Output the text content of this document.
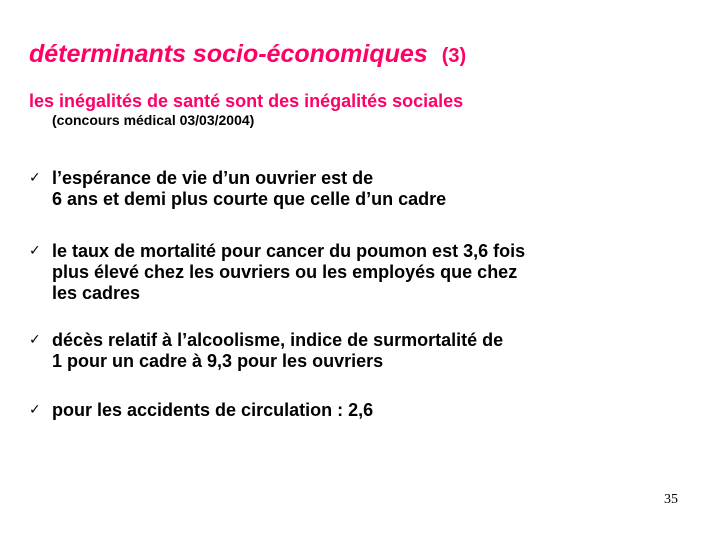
déterminants socio-économiques (3)
les inégalités de santé sont des inégalités sociales
(concours médical 03/03/2004)
✓ l’espérance de vie d’un ouvrier est de
6 ans et demi plus courte que celle d’un cadre
✓ le taux de mortalité pour cancer du poumon est 3,6 fois
plus élevé chez les ouvriers ou les employés que chez
les cadres
✓ décès relatif à l’alcoolisme, indice de surmortalité de
1 pour un cadre à 9,3 pour les ouvriers
✓ pour les accidents de circulation : 2,6
35
